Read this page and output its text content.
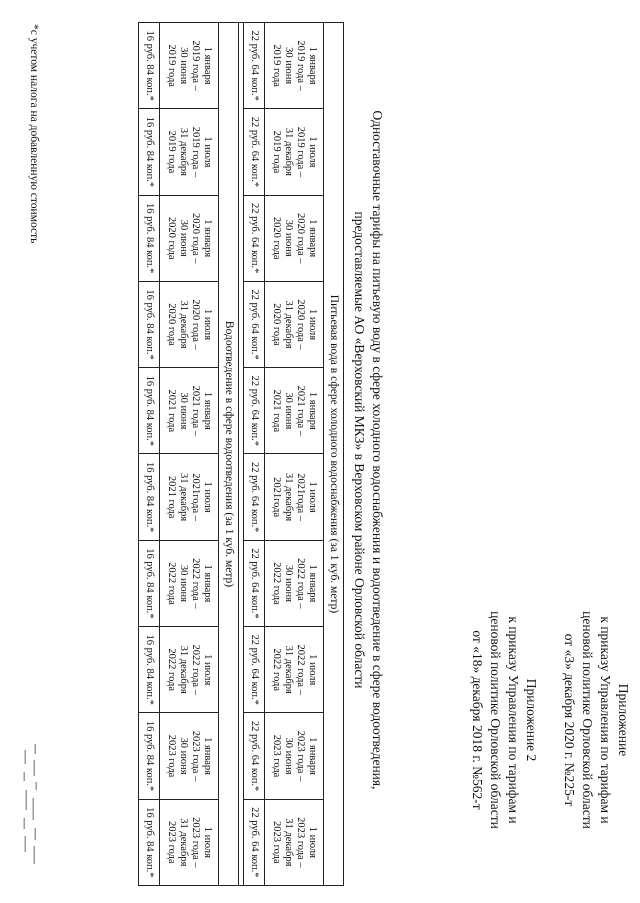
Приложение
к приказу Управления по тарифам и
ценовой политике Орловской области
от «3» декабря 2020 г. №225-т
Приложение 2
к приказу Управления по тарифам и
ценовой политике Орловской области
от «18» декабря 2018 г. №562-т
Одноставочные тарифы на питьевую воду в сфере холодного водоснабжения и водоотведение в сфере водоотведения,
предоставляемые АО «Верховский МКЗ» в Верховском районе Орловской области
Питьевая вода в сфере холодного водоснабжения (за 1 куб. метр)									

1 января
2019 года –
30 июня
2019 года	1 июля
2019 года –
31 декабря
2019 года	1 января
2020 года –
30 июня
2020 года	1 июля
2020 года –
31 декабря
2020 года	1 января
2021 года –
30 июня
2021 года	1 июля
2021года –
31 декабря
2021года	1 января
2022 года –
30 июня
2022 года	1 июля
2022 года –
31 декабря
2022 года	1 января
2023 года –
30 июня
2023 года	1 июля
2023 года –
31 декабря
2023 года

22 руб. 64 коп.*	22 руб. 64 коп.*	22 руб. 64 коп.*	22 руб. 64 коп.*	22 руб. 64 коп.*	22 руб. 64 коп.*	22 руб. 64 коп.*	22 руб. 64 коп.*	22 руб. 64 коп.*	22 руб. 64 коп.*

Водоотведение в сфере водоотведения (за 1 куб. метр)									

1 января
2019 года –
30 июня
2019 года	1 июля
2019 года –
31 декабря
2019 года	1 января
2020 года –
30 июня
2020 года	1 июля
2020 года –
31 декабря
2020 года	1 января
2021 года –
30 июня
2021 года	1 июля
2021года –
31 декабря
2021 года	1 января
2022 года –
30 июня
2022 года	1 июля
2022 года –
31 декабря
2022 года	1 января
2023 года –
30 июня
2023 года	1 июля
2023 года –
31 декабря
2023 года

16 руб. 84 коп.*	16 руб. 84 коп.*	16 руб. 84 коп.*	16 руб. 84 коп.*	16 руб. 84 коп.*	16 руб. 84 коп.*	16 руб. 84 коп.*	16 руб. 84 коп.*	16 руб. 84 коп.*	16 руб. 84 коп.*
*с учетом налога на добавленную стоимость
